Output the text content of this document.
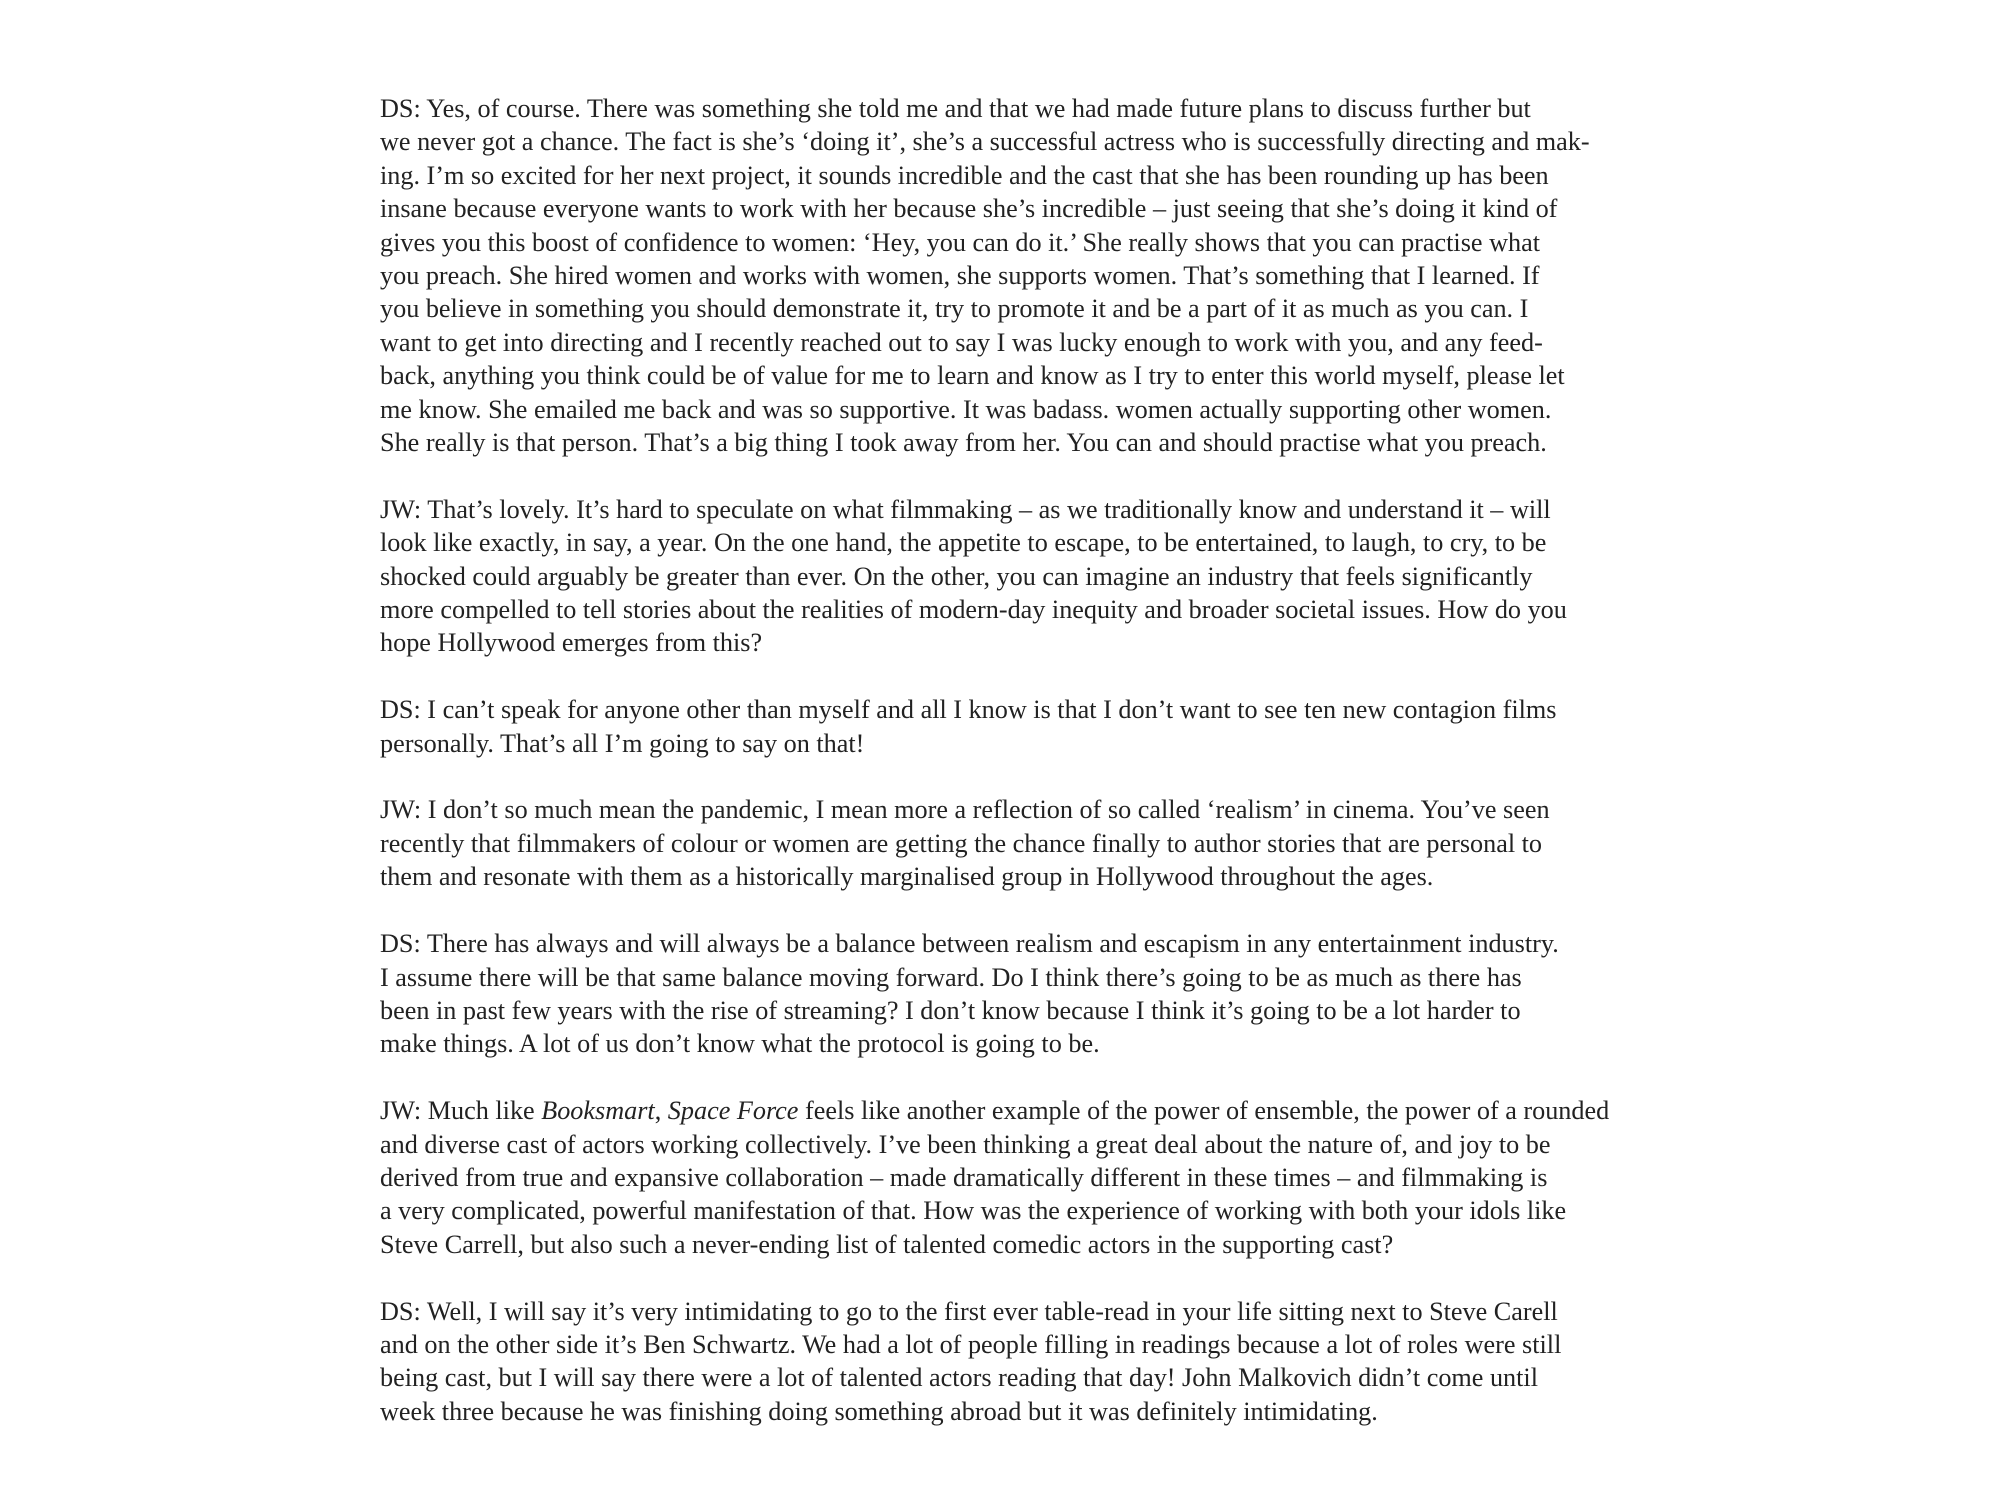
DS: Yes, of course. There was something she told me and that we had made future plans to discuss further but
we never got a chance. The fact is she’s ‘doing it’, she’s a successful actress who is successfully directing and mak-
ing. I’m so excited for her next project, it sounds incredible and the cast that she has been rounding up has been
insane because everyone wants to work with her because she’s incredible – just seeing that she’s doing it kind of
gives you this boost of confidence to women: ‘Hey, you can do it.’ She really shows that you can practise what
you preach. She hired women and works with women, she supports women. That’s something that I learned. If
you believe in something you should demonstrate it, try to promote it and be a part of it as much as you can. I
want to get into directing and I recently reached out to say I was lucky enough to work with you, and any feed-
back, anything you think could be of value for me to learn and know as I try to enter this world myself, please let
me know. She emailed me back and was so supportive. It was badass. women actually supporting other women.
She really is that person. That’s a big thing I took away from her. You can and should practise what you preach.

JW: That’s lovely. It’s hard to speculate on what filmmaking – as we traditionally know and understand it – will
look like exactly, in say, a year. On the one hand, the appetite to escape, to be entertained, to laugh, to cry, to be
shocked could arguably be greater than ever. On the other, you can imagine an industry that feels significantly
more compelled to tell stories about the realities of modern-day inequity and broader societal issues. How do you
hope Hollywood emerges from this?

DS: I can’t speak for anyone other than myself and all I know is that I don’t want to see ten new contagion films
personally. That’s all I’m going to say on that!

JW: I don’t so much mean the pandemic, I mean more a reflection of so called ‘realism’ in cinema. You’ve seen
recently that filmmakers of colour or women are getting the chance finally to author stories that are personal to
them and resonate with them as a historically marginalised group in Hollywood throughout the ages.

DS: There has always and will always be a balance between realism and escapism in any entertainment industry.
I assume there will be that same balance moving forward. Do I think there’s going to be as much as there has
been in past few years with the rise of streaming? I don’t know because I think it’s going to be a lot harder to
make things. A lot of us don’t know what the protocol is going to be.

JW: Much like Booksmart, Space Force feels like another example of the power of ensemble, the power of a rounded
and diverse cast of actors working collectively. I’ve been thinking a great deal about the nature of, and joy to be
derived from true and expansive collaboration – made dramatically different in these times – and filmmaking is
a very complicated, powerful manifestation of that. How was the experience of working with both your idols like
Steve Carrell, but also such a never-ending list of talented comedic actors in the supporting cast?

DS: Well, I will say it’s very intimidating to go to the first ever table-read in your life sitting next to Steve Carell
and on the other side it’s Ben Schwartz. We had a lot of people filling in readings because a lot of roles were still
being cast, but I will say there were a lot of talented actors reading that day! John Malkovich didn’t come until
week three because he was finishing doing something abroad but it was definitely intimidating.
